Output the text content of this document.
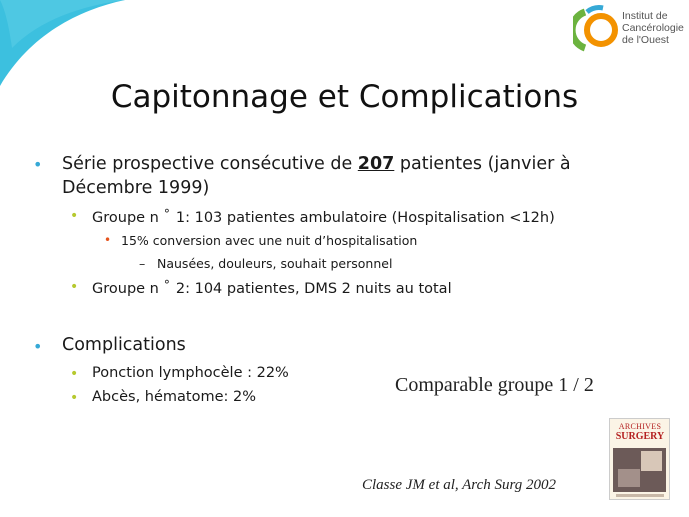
Institut de
Cancérologie
de l'Ouest
Capitonnage et Complications
• Série prospective consécutive de 207 patientes (janvier à
Décembre 1999)
• Groupe n ° 1: 103 patientes ambulatoire (Hospitalisation <12h)
• 15% conversion avec une nuit d’hospitalisation
– Nausées, douleurs, souhait personnel
• Groupe n ° 2: 104 patientes, DMS 2 nuits au total
• Complications
• Ponction lymphocèle : 22%
• Abcès, hématome: 2%
Comparable groupe 1 / 2
ARCHIVES
SURGERY
Classe JM et al, Arch Surg 2002
